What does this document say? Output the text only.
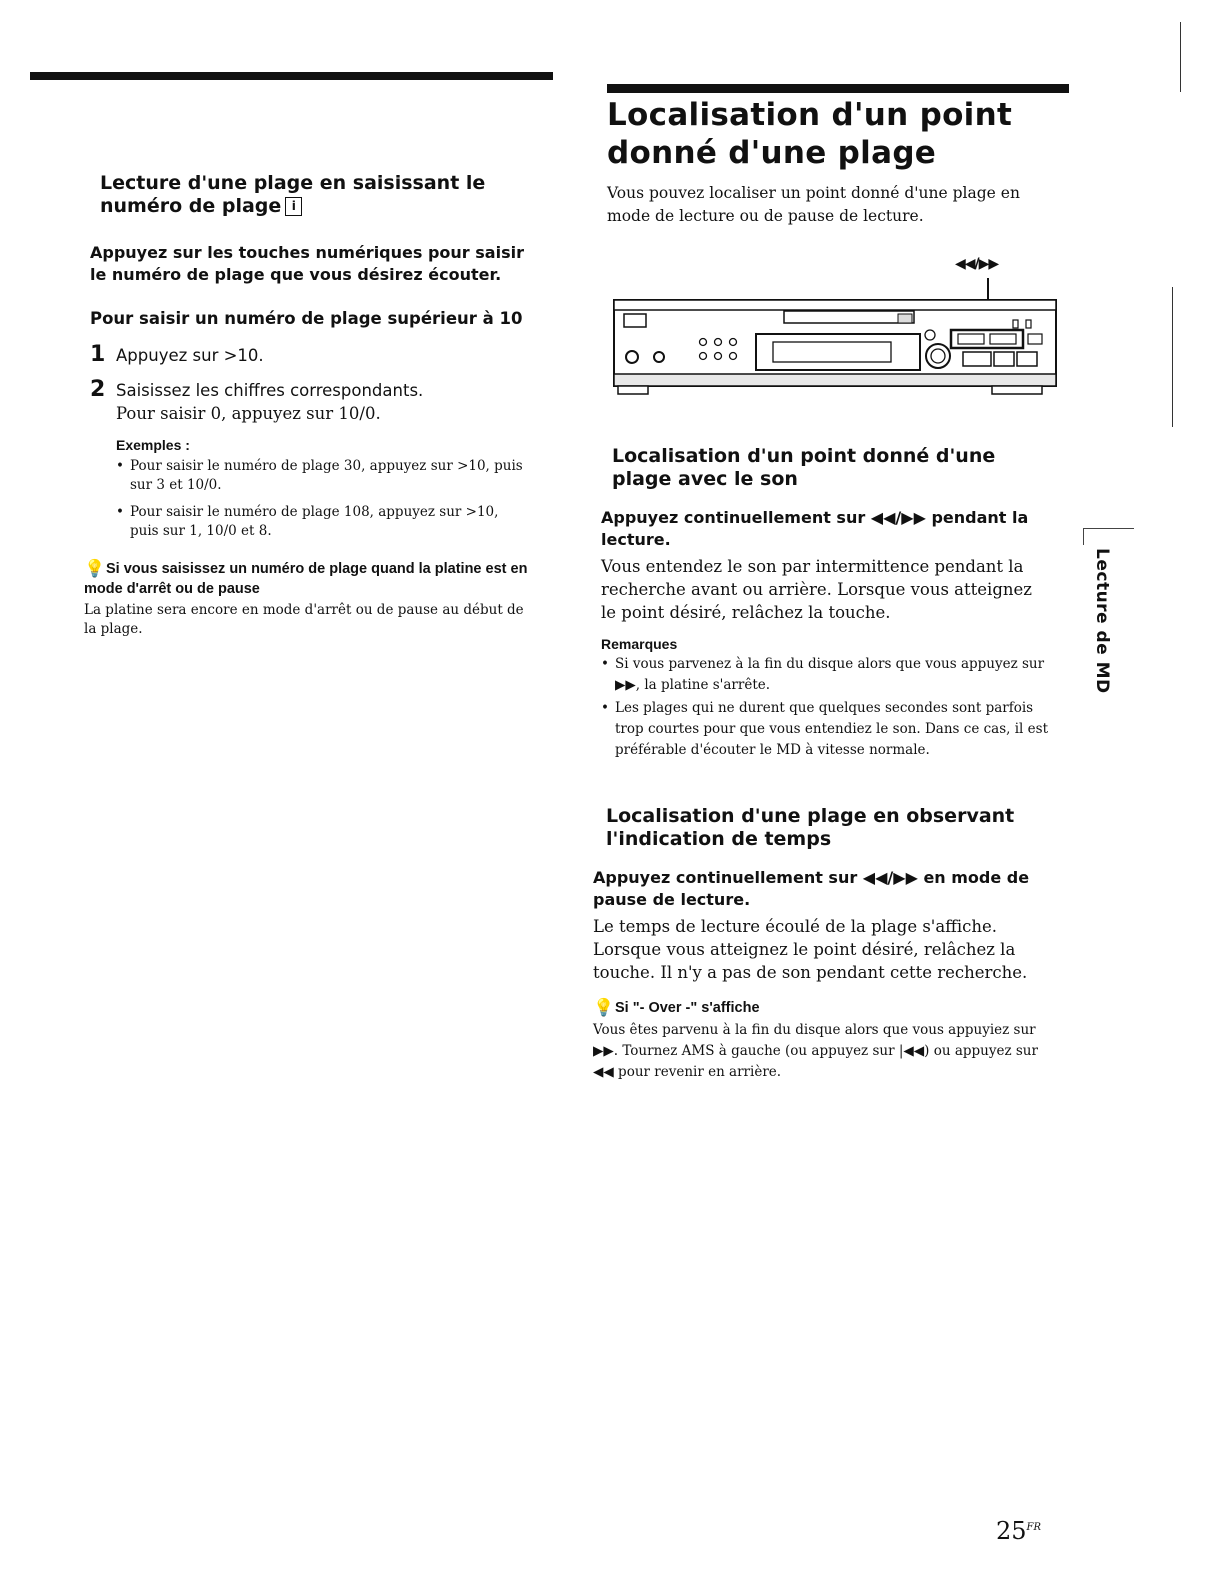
Lecture d'une plage en saisissant le numéro de plage i
Appuyez sur les touches numériques pour saisir le numéro de plage que vous désirez écouter.
Pour saisir un numéro de plage supérieur à 10
1 Appuyez sur >10.
2 Saisissez les chiffres correspondants.
Pour saisir 0, appuyez sur 10/0.
Exemples :
• Pour saisir le numéro de plage 30, appuyez sur >10, puis sur 3 et 10/0.
• Pour saisir le numéro de plage 108, appuyez sur >10, puis sur 1, 10/0 et 8.
💡Si vous saisissez un numéro de plage quand la platine est en mode d'arrêt ou de pause
La platine sera encore en mode d'arrêt ou de pause au début de la plage.
Localisation d'un point
donné d'une plage
Vous pouvez localiser un point donné d'une plage en mode de lecture ou de pause de lecture.
◀◀/▶▶
Localisation d'un point donné d'une plage avec le son
Appuyez continuellement sur ◀◀/▶▶ pendant la lecture.
Vous entendez le son par intermittence pendant la recherche avant ou arrière. Lorsque vous atteignez le point désiré, relâchez la touche.
Remarques
• Si vous parvenez à la fin du disque alors que vous appuyez sur ▶▶, la platine s'arrête.
• Les plages qui ne durent que quelques secondes sont parfois trop courtes pour que vous entendiez le son. Dans ce cas, il est préférable d'écouter le MD à vitesse normale.
Localisation d'une plage en observant l'indication de temps
Appuyez continuellement sur ◀◀/▶▶ en mode de pause de lecture.
Le temps de lecture écoulé de la plage s'affiche. Lorsque vous atteignez le point désiré, relâchez la touche. Il n'y a pas de son pendant cette recherche.
💡Si "- Over -" s'affiche
Vous êtes parvenu à la fin du disque alors que vous appuyiez sur ▶▶. Tournez AMS à gauche (ou appuyez sur |◀◀) ou appuyez sur ◀◀ pour revenir en arrière.
Lecture de MD
$25^{FR}$
